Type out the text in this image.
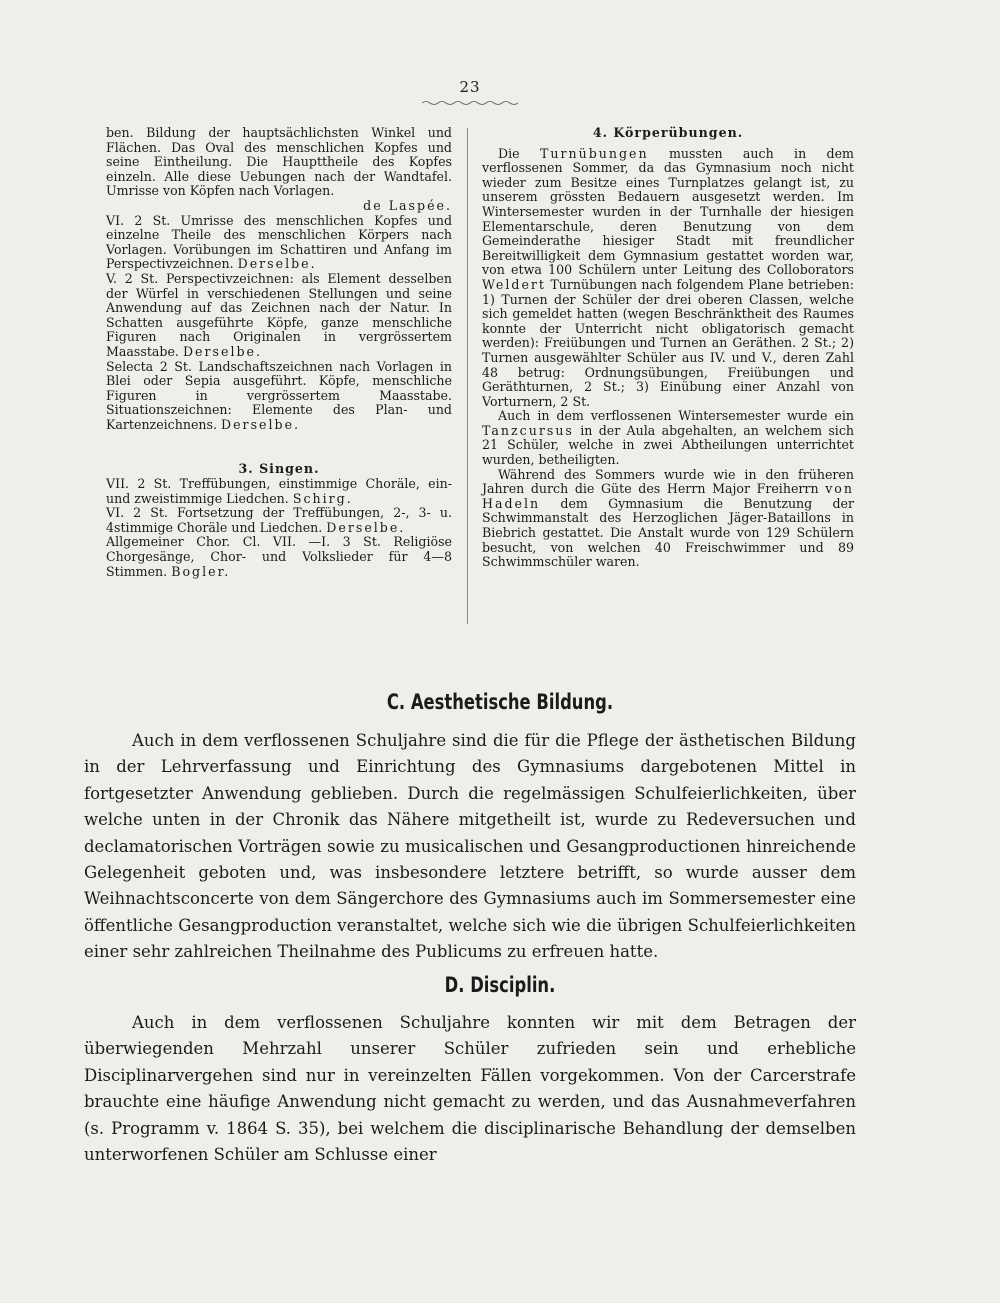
23

ben. Bildung der hauptsächlichsten Winkel und Flächen. Das Oval des menschlichen Kopfes und seine Eintheilung. Die Haupttheile des Kopfes einzeln. Alle diese Uebungen nach der Wandtafel. Umrisse von Köpfen nach Vorlagen.

de Laspée.

VI. 2 St. Umrisse des menschlichen Kopfes und einzelne Theile des menschlichen Körpers nach Vorlagen. Vorübungen im Schattiren und Anfang im Perspectivzeichnen. Derselbe.

V. 2 St. Perspectivzeichnen: als Element desselben der Würfel in verschiedenen Stellungen und seine Anwendung auf das Zeichnen nach der Natur. In Schatten ausgeführte Köpfe, ganze menschliche Figuren nach Originalen in vergrössertem Maasstabe. Derselbe.

Selecta 2 St. Landschaftszeichnen nach Vorlagen in Blei oder Sepia ausgeführt. Köpfe, menschliche Figuren in vergrössertem Maasstabe. Situationszeichnen: Elemente des Plan- und Kartenzeichnens. Derselbe.

3. Singen.

VII. 2 St. Treffübungen, einstimmige Choräle, ein- und zweistimmige Liedchen. Schirg.

VI. 2 St. Fortsetzung der Treffübungen, 2-, 3- u. 4stimmige Choräle und Liedchen. Derselbe.

Allgemeiner Chor. Cl. VII. —I. 3 St. Religiöse Chorgesänge, Chor- und Volkslieder für 4—8 Stimmen. Bogler.

4. Körperübungen.

Die Turnübungen mussten auch in dem verflossenen Sommer, da das Gymnasium noch nicht wieder zum Besitze eines Turnplatzes gelangt ist, zu unserem grössten Bedauern ausgesetzt werden. Im Wintersemester wurden in der Turnhalle der hiesigen Elementarschule, deren Benutzung von dem Gemeinderathe hiesiger Stadt mit freundlicher Bereitwilligkeit dem Gymnasium gestattet worden war, von etwa 100 Schülern unter Leitung des Colloborators Weldert Turnübungen nach folgendem Plane betrieben: 1) Turnen der Schüler der drei oberen Classen, welche sich gemeldet hatten (wegen Beschränktheit des Raumes konnte der Unterricht nicht obligatorisch gemacht werden): Freiübungen und Turnen an Geräthen. 2 St.; 2) Turnen ausgewählter Schüler aus IV. und V., deren Zahl 48 betrug: Ordnungsübungen, Freiübungen und Geräthturnen, 2 St.; 3) Einübung einer Anzahl von Vorturnern, 2 St.

Auch in dem verflossenen Wintersemester wurde ein Tanzcursus in der Aula abgehalten, an welchem sich 21 Schüler, welche in zwei Abtheilungen unterrichtet wurden, betheiligten.

Während des Sommers wurde wie in den früheren Jahren durch die Güte des Herrn Major Freiherrn von Hadeln dem Gymnasium die Benutzung der Schwimmanstalt des Herzoglichen Jäger-Bataillons in Biebrich gestattet. Die Anstalt wurde von 129 Schülern besucht, von welchen 40 Freischwimmer und 89 Schwimmschüler waren.

C. Aesthetische Bildung.

Auch in dem verflossenen Schuljahre sind die für die Pflege der ästhetischen Bildung in der Lehrverfassung und Einrichtung des Gymnasiums dargebotenen Mittel in fortgesetzter Anwendung geblieben. Durch die regelmässigen Schulfeierlichkeiten, über welche unten in der Chronik das Nähere mitgetheilt ist, wurde zu Redeversuchen und declamatorischen Vorträgen sowie zu musicalischen und Gesangproductionen hinreichende Gelegenheit geboten und, was insbesondere letztere betrifft, so wurde ausser dem Weihnachtsconcerte von dem Sängerchore des Gymnasiums auch im Sommersemester eine öffentliche Gesangproduction veranstaltet, welche sich wie die übrigen Schulfeierlichkeiten einer sehr zahlreichen Theilnahme des Publicums zu erfreuen hatte.

D. Disciplin.

Auch in dem verflossenen Schuljahre konnten wir mit dem Betragen der überwiegenden Mehrzahl unserer Schüler zufrieden sein und erhebliche Disciplinarvergehen sind nur in vereinzelten Fällen vorgekommen. Von der Carcerstrafe brauchte eine häufige Anwendung nicht gemacht zu werden, und das Ausnahmeverfahren (s. Programm v. 1864 S. 35), bei welchem die disciplinarische Behandlung der demselben unterworfenen Schüler am Schlusse einer
